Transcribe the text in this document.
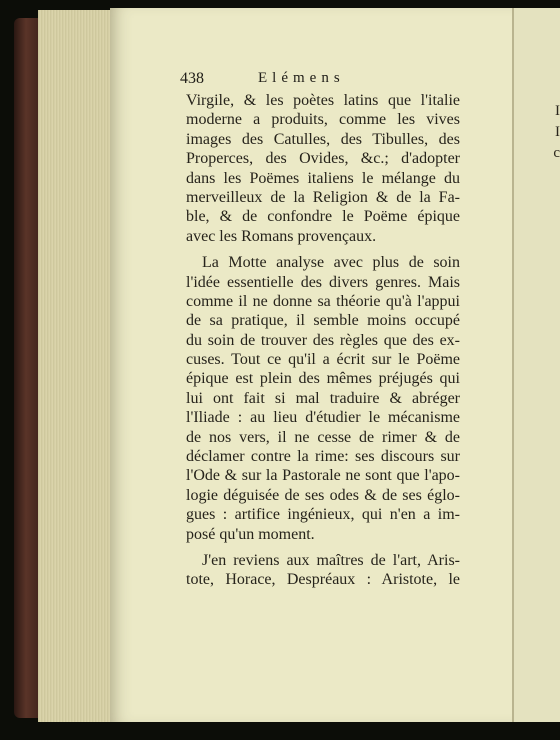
I
I
c
438	Elémens
Virgile, & les poètes latins que l'italie
moderne a produits, comme les vives
images des Catulles, des Tibulles, des
Properces, des Ovides, &c.; d'adopter
dans les Poëmes italiens le mélange du
merveilleux de la Religion & de la Fa-
ble, & de confondre le Poëme épique
avec les Romans provençaux.
La Motte analyse avec plus de soin
l'idée essentielle des divers genres. Mais
comme il ne donne sa théorie qu'à l'appui
de sa pratique, il semble moins occupé
du soin de trouver des règles que des ex-
cuses. Tout ce qu'il a écrit sur le Poëme
épique est plein des mêmes préjugés qui
lui ont fait si mal traduire & abréger
l'Iliade : au lieu d'étudier le mécanisme
de nos vers, il ne cesse de rimer & de
déclamer contre la rime: ses discours sur
l'Ode & sur la Pastorale ne sont que l'apo-
logie déguisée de ses odes & de ses églo-
gues : artifice ingénieux, qui n'en a im-
posé qu'un moment.
J'en reviens aux maîtres de l'art, Aris-
tote, Horace, Despréaux : Aristote, le
